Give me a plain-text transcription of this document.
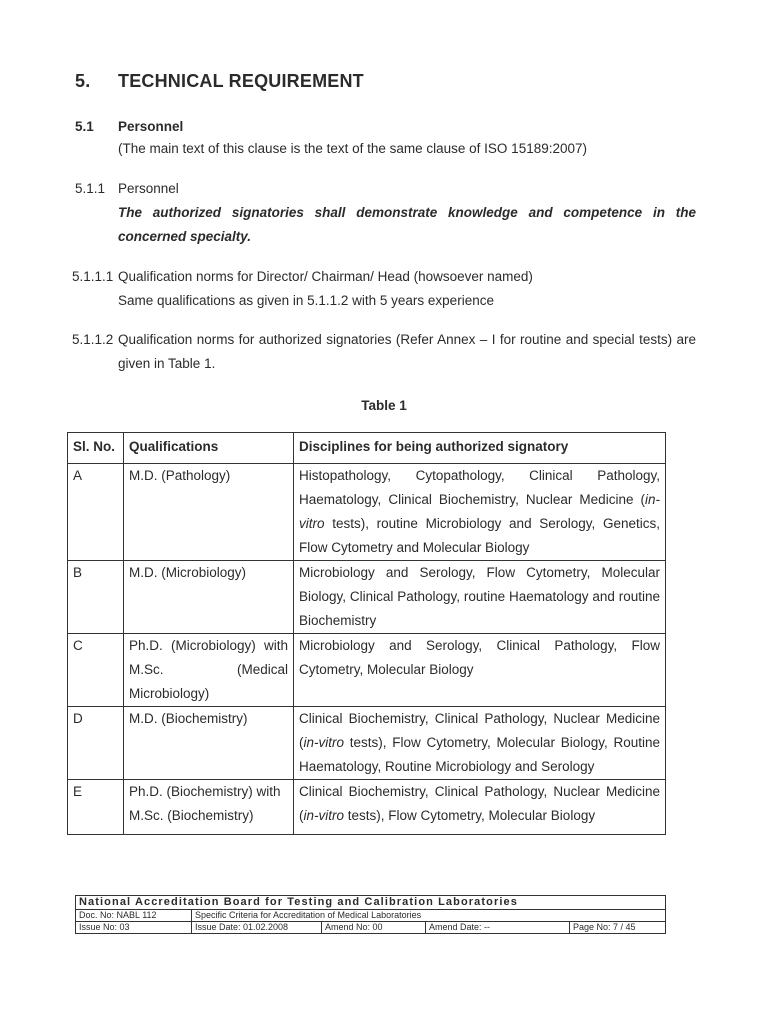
5. TECHNICAL REQUIREMENT
5.1 Personnel
(The main text of this clause is the text of the same clause of ISO 15189:2007)
5.1.1 Personnel
The authorized signatories shall demonstrate knowledge and competence in the concerned specialty.
5.1.1.1 Qualification norms for Director/ Chairman/ Head (howsoever named)
Same qualifications as given in 5.1.1.2 with 5 years experience
5.1.1.2 Qualification norms for authorized signatories (Refer Annex – I for routine and special tests) are given in Table 1.
Table 1
Sl. No.	Qualifications	Disciplines for being authorized signatory
A	M.D. (Pathology)	Histopathology, Cytopathology, Clinical Pathology, Haematology, Clinical Biochemistry, Nuclear Medicine (in-vitro tests), routine Microbiology and Serology, Genetics, Flow Cytometry and Molecular Biology
B	M.D. (Microbiology)	Microbiology and Serology, Flow Cytometry, Molecular Biology, Clinical Pathology, routine Haematology and routine Biochemistry
C	Ph.D. (Microbiology) with M.Sc. (Medical Microbiology)	Microbiology and Serology, Clinical Pathology, Flow Cytometry, Molecular Biology
D	M.D. (Biochemistry)	Clinical Biochemistry, Clinical Pathology, Nuclear Medicine (in-vitro tests), Flow Cytometry, Molecular Biology, Routine Haematology, Routine Microbiology and Serology
E	Ph.D. (Biochemistry) with M.Sc. (Biochemistry)	Clinical Biochemistry, Clinical Pathology, Nuclear Medicine (in-vitro tests), Flow Cytometry, Molecular Biology
National Accreditation Board for Testing and Calibration Laboratories				
Doc. No: NABL 112	Specific Criteria for Accreditation of Medical Laboratories			
Issue No: 03	Issue Date: 01.02.2008	Amend No: 00	Amend Date: --	Page No: 7 / 45
